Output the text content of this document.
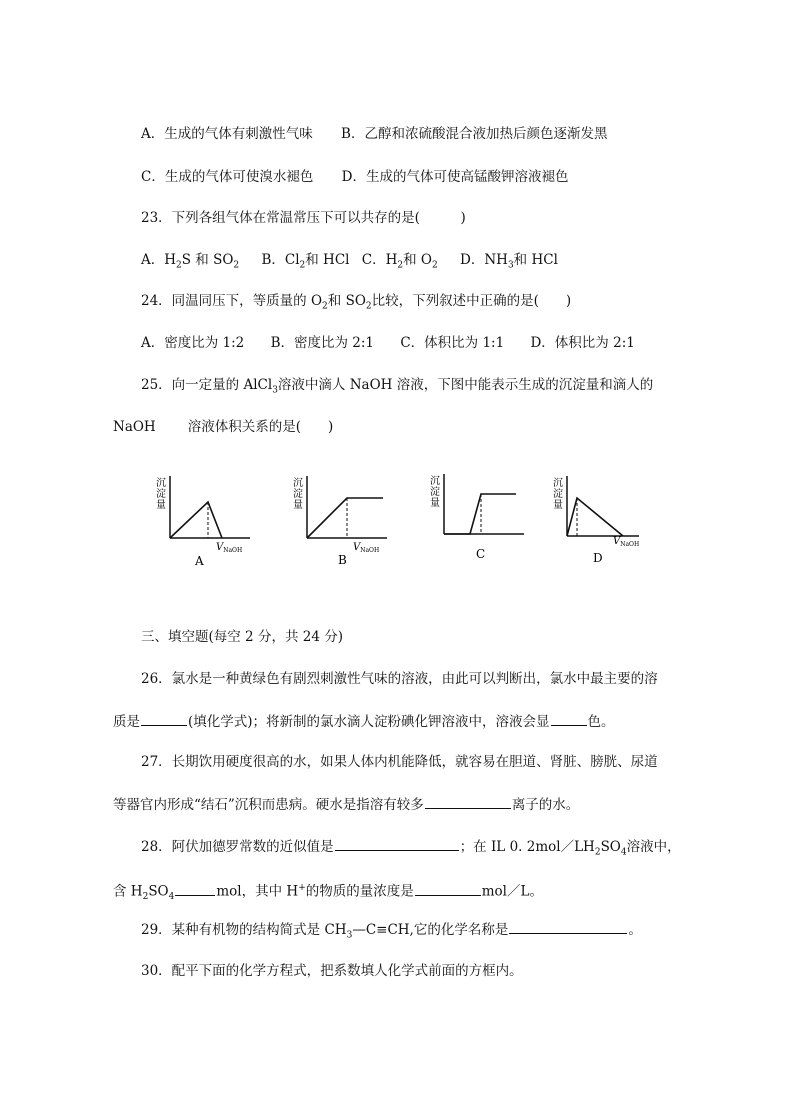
A．生成的气体有刺激性气味 B．乙醇和浓硫酸混合液加热后颜色逐渐发黑
C．生成的气体可使溴水褪色 D．生成的气体可使高锰酸钾溶液褪色
23．下列各组气体在常温常压下可以共存的是(　　　)
A．$H_2S$ 和 $SO_2$ B．$Cl_2$和 HCl C．$H_2$和 $O_2$ D．$NH_3$和 HCl
24．同温同压下，等质量的 $O_2$和 $SO_2$比较，下列叙述中正确的是(　　)
A．密度比为 1:2 B．密度比为 2:1 C．体积比为 1:1 D．体积比为 2:1
25．向一定量的 AlCl$_3$溶液中滴人 NaOH 溶液，下图中能表示生成的沉淀量和滴人的
NaOH 溶液体积关系的是(　　)
沉
淀
量
$V_{NaOH}$
A
沉
淀
量
$V_{NaOH}$
B
沉
淀
量
C
沉
淀
量
$V_{NaOH}$
D
三、填空题(每空 2 分，共 24 分)
26．氯水是一种黄绿色有剧烈刺激性气味的溶液，由此可以判断出，氯水中最主要的溶
质是	(填化学式)；将新制的氯水滴人淀粉碘化钾溶液中，溶液会显	色。
27．长期饮用硬度很高的水，如果人体内机能降低，就容易在胆道、肾脏、膀胱、尿道
等器官内形成“结石”沉积而患病。硬水是指溶有较多	离子的水。
28．阿伏加德罗常数的近似值是	；在 IL 0. $2mol/LH_2SO_4$溶液中，
含 $H_2SO_4$	mol，其中 H+的物质的量浓度是	mol／L。
29．某种有机物的结构简式是 $CH_3—C\equiv CH$,它的化学名称是	。
30．配平下面的化学方程式，把系数填人化学式前面的方框内。
